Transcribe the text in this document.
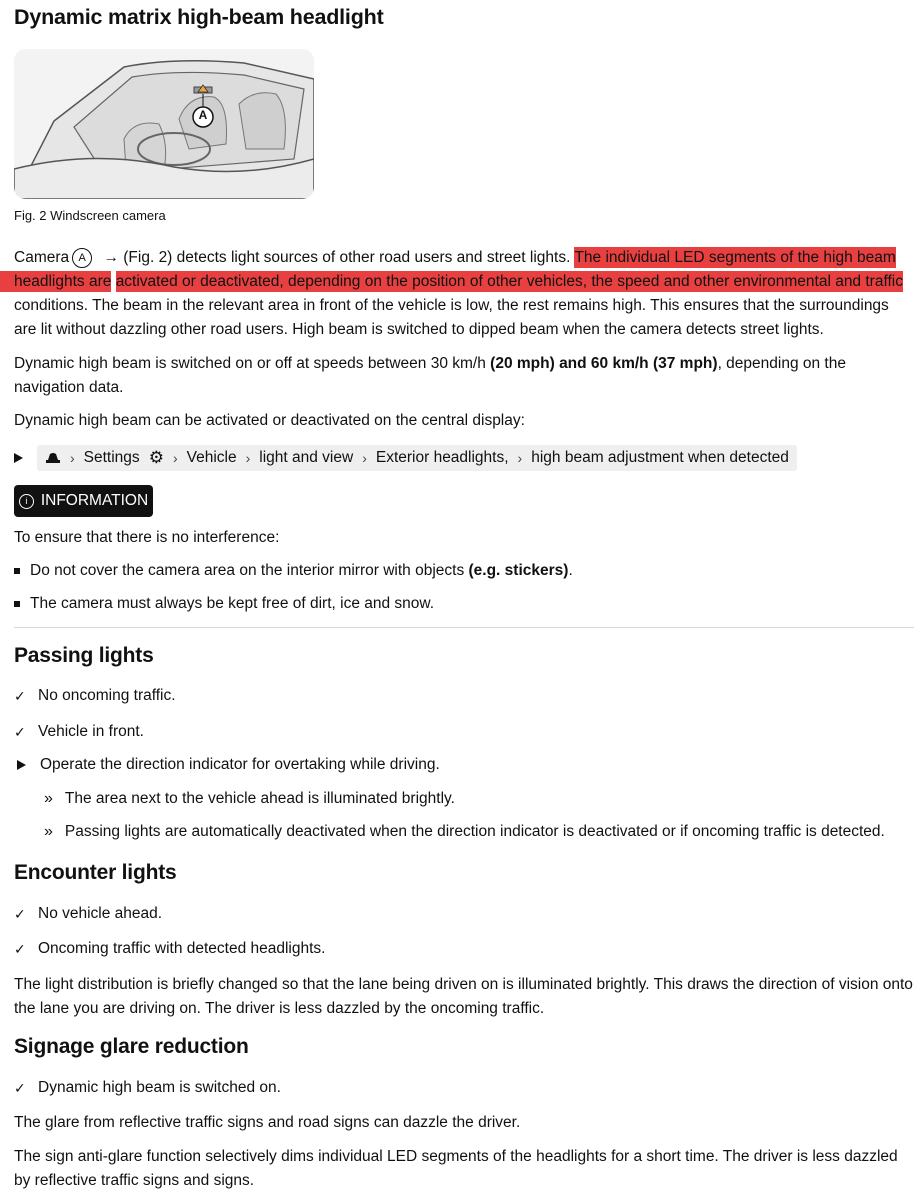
Dynamic matrix high-beam headlight
A
Fig. 2 Windscreen camera
Camera A → (Fig. 2) detects light sources of other road users and street lights. The individual LED segments of the high beam
headlights are activated or deactivated, depending on the position of other vehicles, the speed and other environmental and traffic conditions. The beam in the relevant area in front of the vehicle is low, the rest remains high. This ensures that the surroundings are lit without dazzling other road users. High beam is switched to dipped beam when the camera detects street lights.
Dynamic high beam is switched on or off at speeds between 30 km/h (20 mph) and 60 km/h (37 mph), depending on the navigation data.
Dynamic high beam can be activated or deactivated on the central display:
› Settings ⚙ › Vehicle › light and view › Exterior headlights, › high beam adjustment when detected
i INFORMATION
To ensure that there is no interference:
Do not cover the camera area on the interior mirror with objects (e.g. stickers) .
The camera must always be kept free of dirt, ice and snow.
Passing lights
✓ No oncoming traffic.
✓ Vehicle in front.
Operate the direction indicator for overtaking while driving.
» The area next to the vehicle ahead is illuminated brightly.
» Passing lights are automatically deactivated when the direction indicator is deactivated or if oncoming traffic is detected.
Encounter lights
✓ No vehicle ahead.
✓ Oncoming traffic with detected headlights.
The light distribution is briefly changed so that the lane being driven on is illuminated brightly. This draws the direction of vision onto the lane you are driving on. The driver is less dazzled by the oncoming traffic.
Signage glare reduction
✓ Dynamic high beam is switched on.
The glare from reflective traffic signs and road signs can dazzle the driver.
The sign anti-glare function selectively dims individual LED segments of the headlights for a short time. The driver is less dazzled by reflective traffic signs and signs.
